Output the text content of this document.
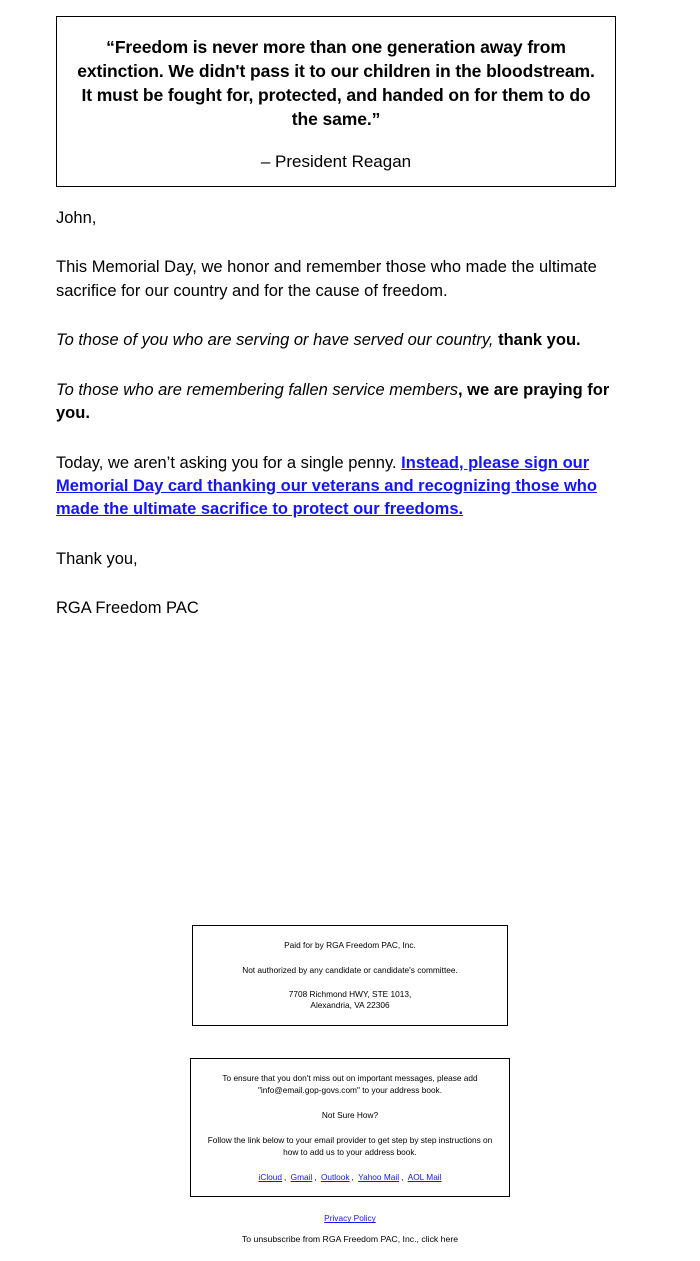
“Freedom is never more than one generation away from extinction. We didn't pass it to our children in the bloodstream. It must be fought for, protected, and handed on for them to do the same.”
– President Reagan

John,

This Memorial Day, we honor and remember those who made the ultimate sacrifice for our country and for the cause of freedom.

To those of you who are serving or have served our country, thank you.

To those who are remembering fallen service members, we are praying for you.

Today, we aren’t asking you for a single penny. Instead, please sign our Memorial Day card thanking our veterans and recognizing those who made the ultimate sacrifice to protect our freedoms.

Thank you,

RGA Freedom PAC

Paid for by RGA Freedom PAC, Inc.

Not authorized by any candidate or candidate's committee.

7708 Richmond HWY, STE 1013,

Alexandria, VA 22306

To ensure that you don't miss out on important messages, please add "info@email.gop-govs.com" to your address book.

Not Sure How?

Follow the link below to your email provider to get step by step instructions on how to add us to your address book.

iCloud , Gmail , Outlook , Yahoo Mail , AOL Mail
Privacy Policy
To unsubscribe from RGA Freedom PAC, Inc., click here
